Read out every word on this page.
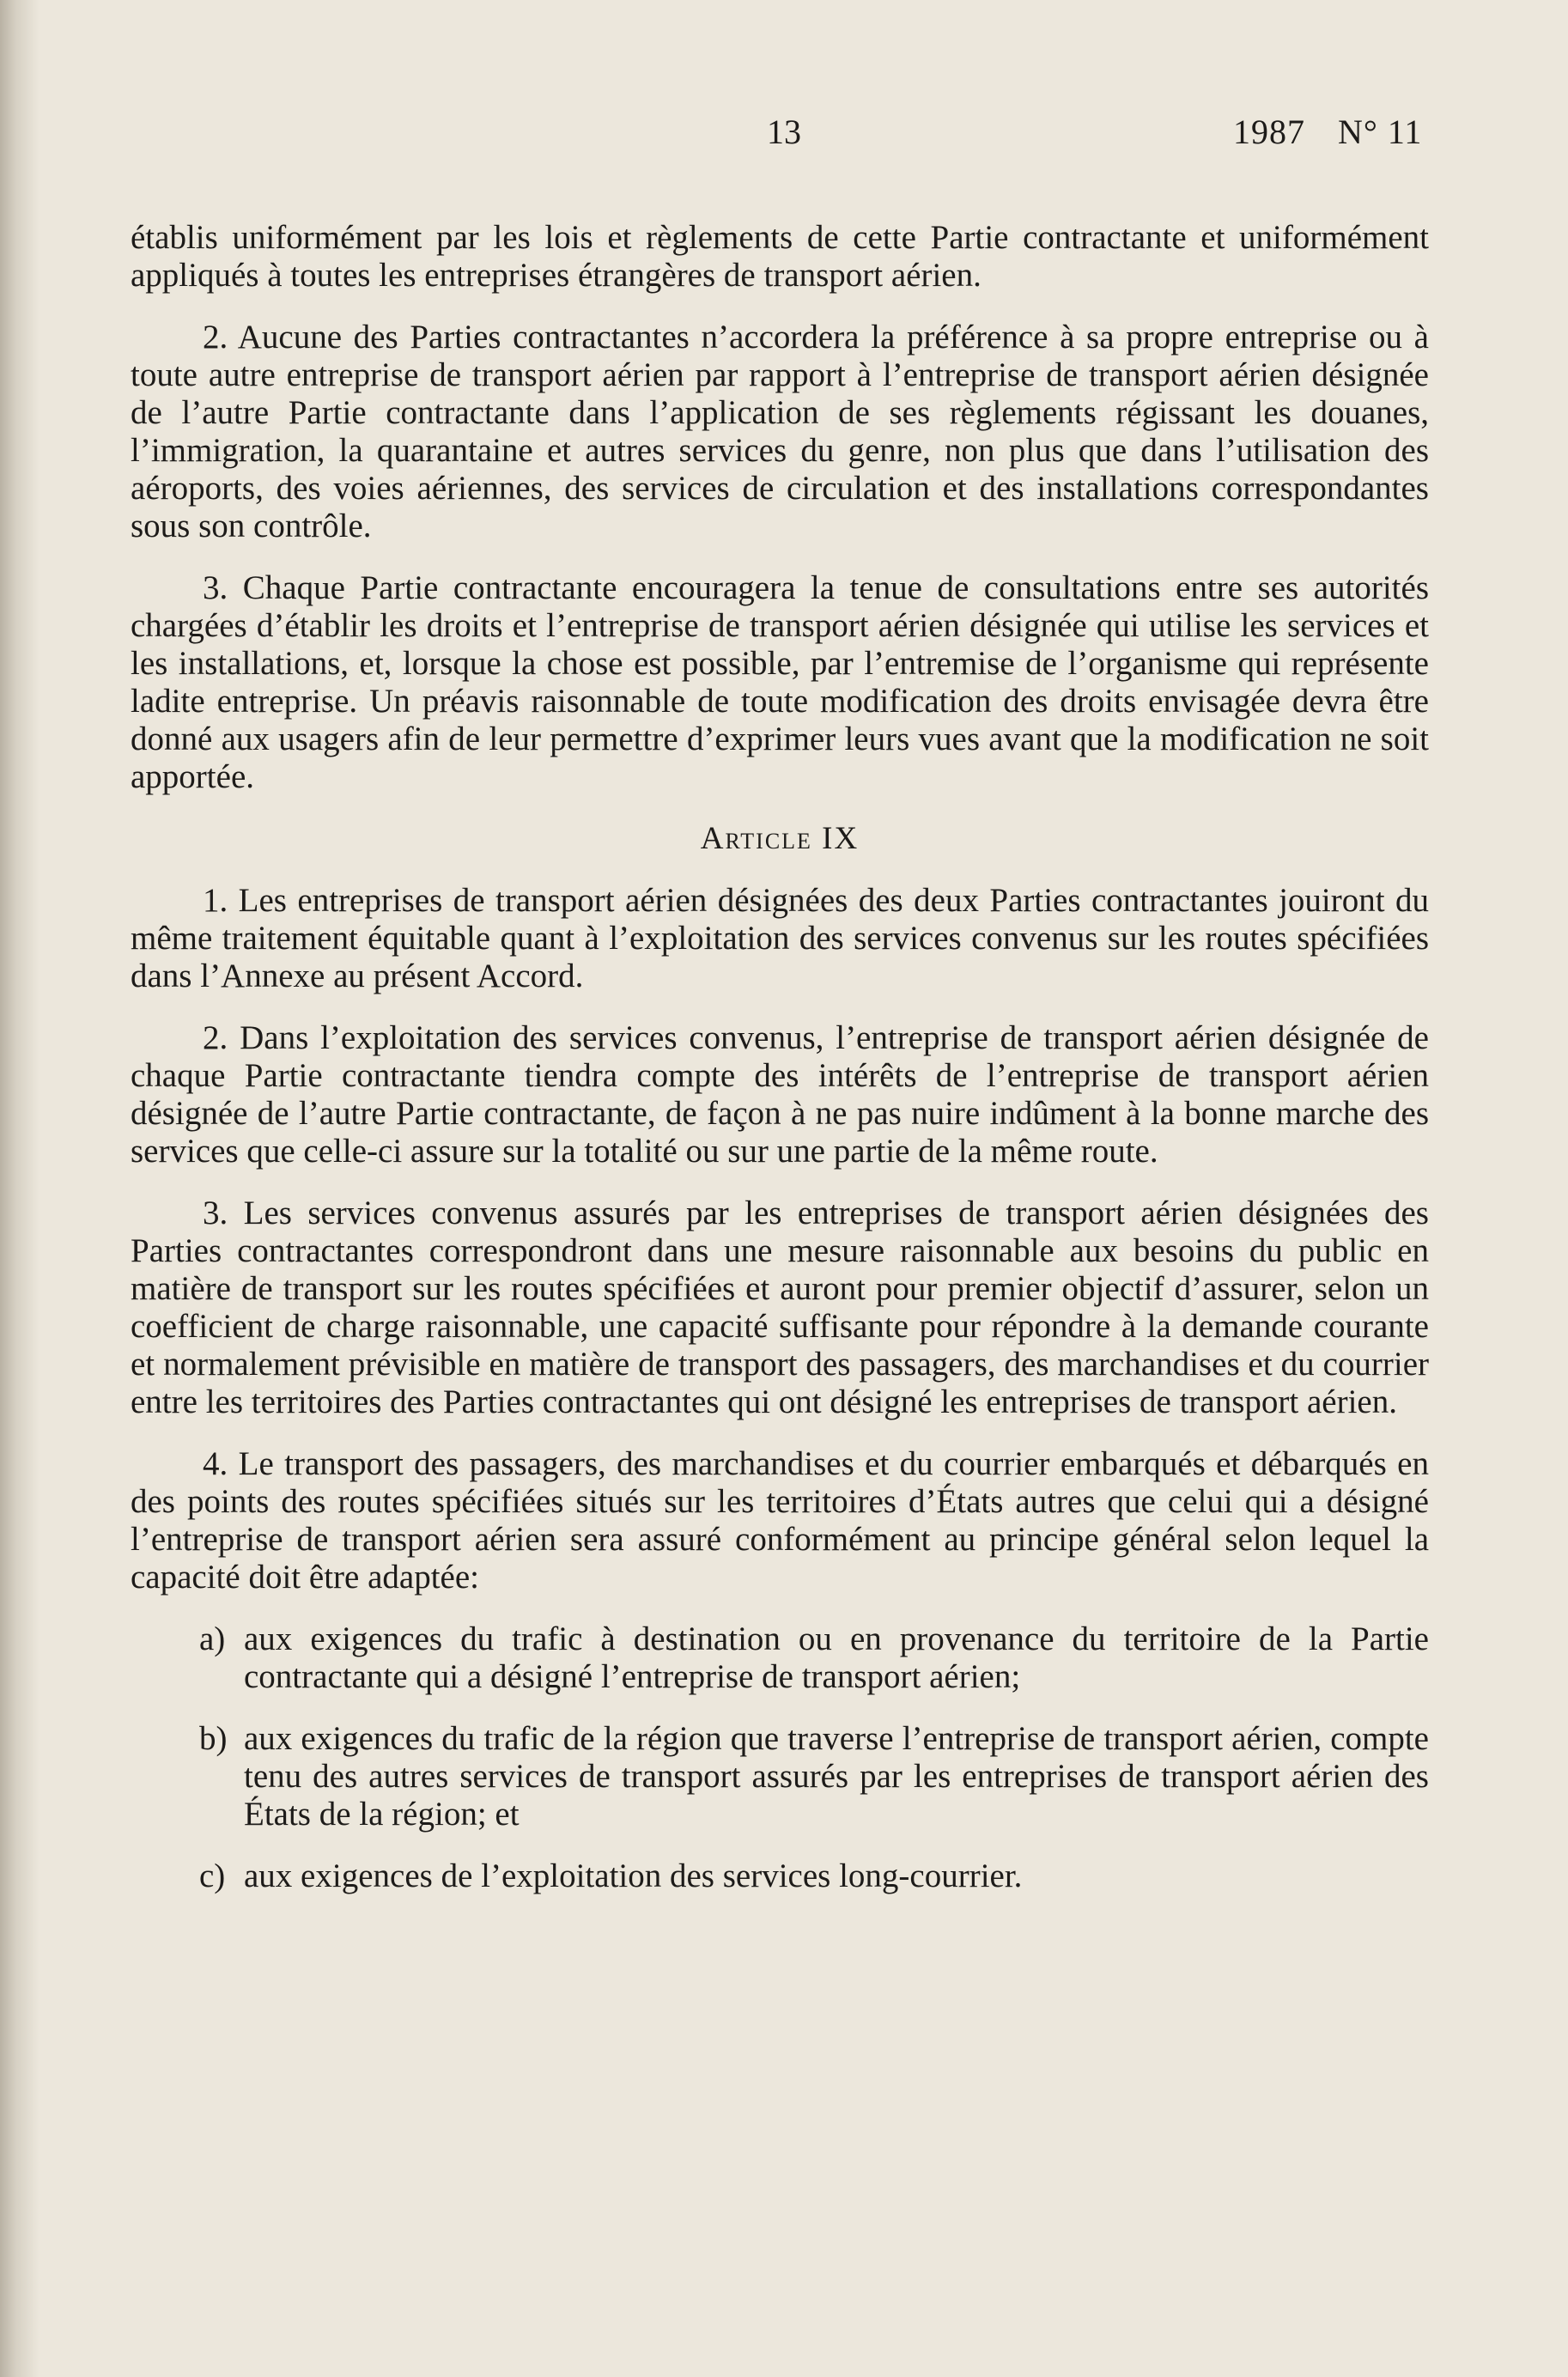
13	1987 N° 11

établis uniformément par les lois et règlements de cette Partie contractante et uniformément appliqués à toutes les entreprises étrangères de transport aérien.

2. Aucune des Parties contractantes n’accordera la préférence à sa propre entreprise ou à toute autre entreprise de transport aérien par rapport à l’entreprise de transport aérien désignée de l’autre Partie contractante dans l’application de ses règlements régissant les douanes, l’immigration, la quarantaine et autres services du genre, non plus que dans l’utilisation des aéroports, des voies aériennes, des services de circulation et des installations correspondantes sous son contrôle.

3. Chaque Partie contractante encouragera la tenue de consultations entre ses autorités chargées d’établir les droits et l’entreprise de transport aérien désignée qui utilise les services et les installations, et, lorsque la chose est possible, par l’entremise de l’organisme qui représente ladite entreprise. Un préavis raisonnable de toute modification des droits envisagée devra être donné aux usagers afin de leur permettre d’exprimer leurs vues avant que la modification ne soit apportée.

Article IX

1. Les entreprises de transport aérien désignées des deux Parties contractantes jouiront du même traitement équitable quant à l’exploitation des services convenus sur les routes spécifiées dans l’Annexe au présent Accord.

2. Dans l’exploitation des services convenus, l’entreprise de transport aérien désignée de chaque Partie contractante tiendra compte des intérêts de l’entreprise de transport aérien désignée de l’autre Partie contractante, de façon à ne pas nuire indûment à la bonne marche des services que celle-ci assure sur la totalité ou sur une partie de la même route.

3. Les services convenus assurés par les entreprises de transport aérien désignées des Parties contractantes correspondront dans une mesure raisonnable aux besoins du public en matière de transport sur les routes spécifiées et auront pour premier objectif d’assurer, selon un coefficient de charge raisonnable, une capacité suffisante pour répondre à la demande courante et normalement prévisible en matière de transport des passagers, des marchandises et du courrier entre les territoires des Parties contractantes qui ont désigné les entreprises de transport aérien.

4. Le transport des passagers, des marchandises et du courrier embarqués et débarqués en des points des routes spécifiées situés sur les territoires d’États autres que celui qui a désigné l’entreprise de transport aérien sera assuré conformément au principe général selon lequel la capacité doit être adaptée:

a) aux exigences du trafic à destination ou en provenance du territoire de la Partie contractante qui a désigné l’entreprise de transport aérien;
b) aux exigences du trafic de la région que traverse l’entreprise de transport aérien, compte tenu des autres services de transport assurés par les entreprises de transport aérien des États de la région; et
c) aux exigences de l’exploitation des services long-courrier.
